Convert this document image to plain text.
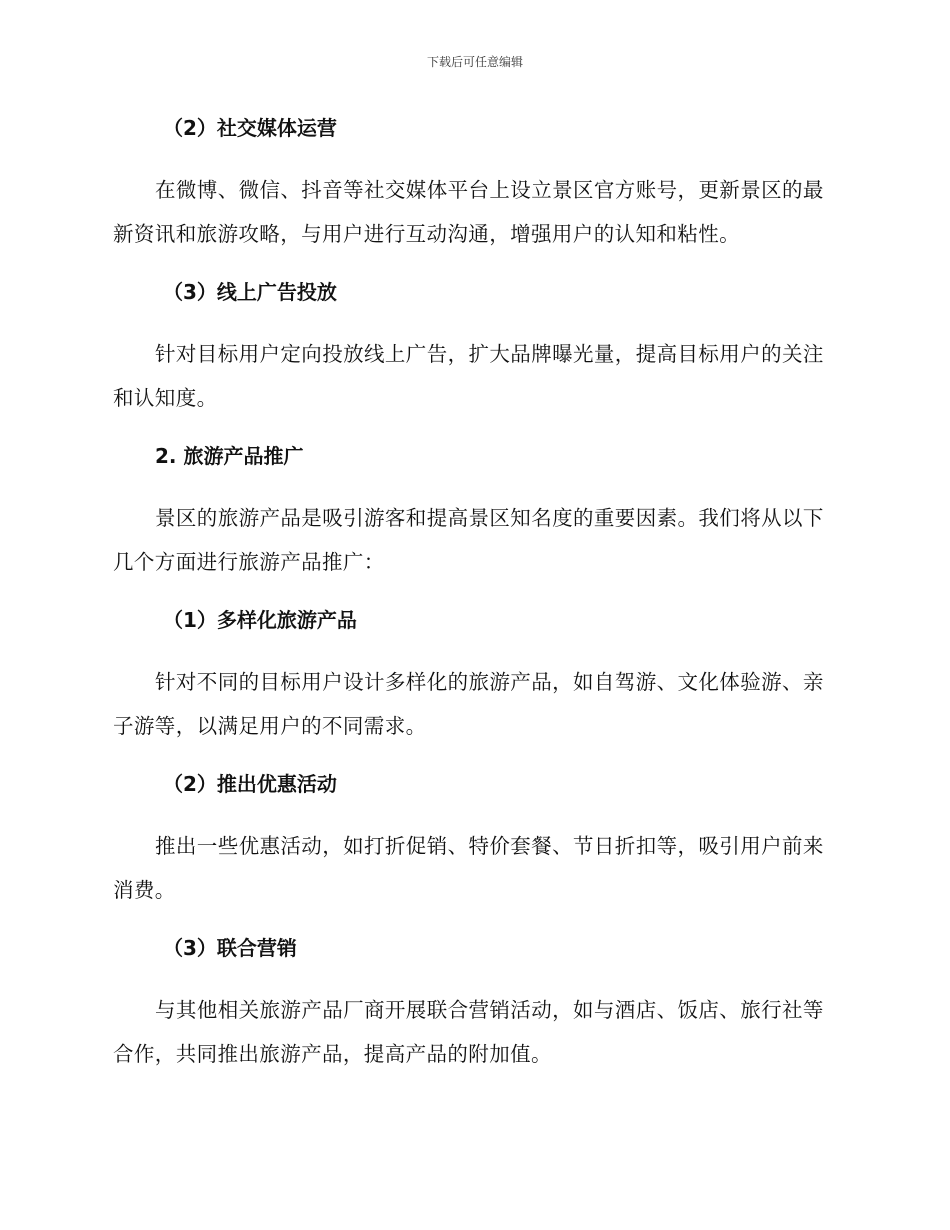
下载后可任意编辑
（2）社交媒体运营

在微博、微信、抖音等社交媒体平台上设立景区官方账号，更新景区的最新资讯和旅游攻略，与用户进行互动沟通，增强用户的认知和粘性。

（3）线上广告投放

针对目标用户定向投放线上广告，扩大品牌曝光量，提高目标用户的关注和认知度。

2. 旅游产品推广

景区的旅游产品是吸引游客和提高景区知名度的重要因素。我们将从以下几个方面进行旅游产品推广：

（1）多样化旅游产品

针对不同的目标用户设计多样化的旅游产品，如自驾游、文化体验游、亲子游等，以满足用户的不同需求。

（2）推出优惠活动

推出一些优惠活动，如打折促销、特价套餐、节日折扣等，吸引用户前来消费。

（3）联合营销

与其他相关旅游产品厂商开展联合营销活动，如与酒店、饭店、旅行社等合作，共同推出旅游产品，提高产品的附加值。
